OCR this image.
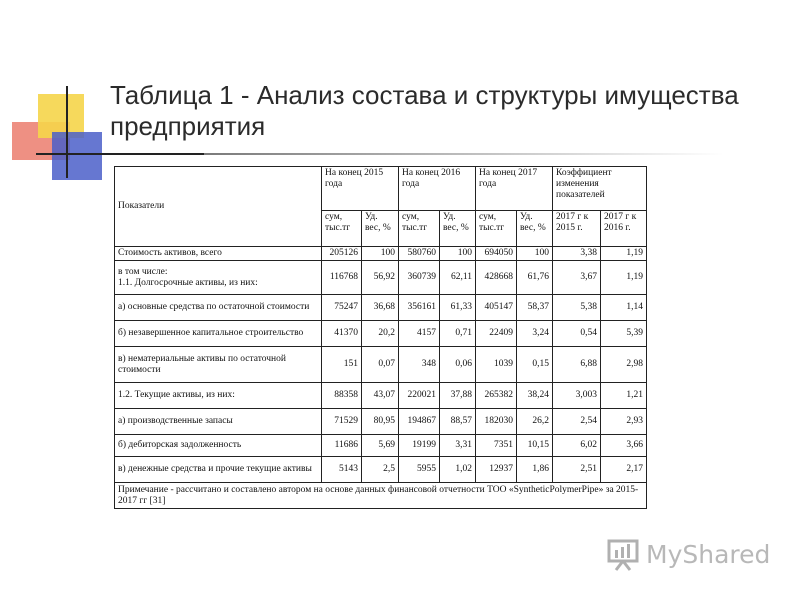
Таблица 1 - Анализ состава и структуры имущества предприятия
Показатели	На конец 2015 года		На конец 2016 года		На конец 2017 года		Коэффициент изменения показателей	
	сум, тыс.тг	Уд. вес, %	сум, тыс.тг	Уд. вес, %	сум, тыс.тг	Уд. вес, %	2017 г к 2015 г.	2017 г к 2016 г.
Стоимость активов, всего	205126	100	580760	100	694050	100	3,38	1,19
в том числе:
1.1. Долгосрочные активы, из них:	116768	56,92	360739	62,11	428668	61,76	3,67	1,19
а) основные средства по остаточной стоимости	75247	36,68	356161	61,33	405147	58,37	5,38	1,14
б) незавершенное капитальное строительство	41370	20,2	4157	0,71	22409	3,24	0,54	5,39
в) нематериальные активы по остаточной стоимости	151	0,07	348	0,06	1039	0,15	6,88	2,98
1.2. Текущие активы, из них:	88358	43,07	220021	37,88	265382	38,24	3,003	1,21
а) производственные запасы	71529	80,95	194867	88,57	182030	26,2	2,54	2,93
б) дебиторская задолженность	11686	5,69	19199	3,31	7351	10,15	6,02	3,66
в) денежные средства и прочие текущие активы	5143	2,5	5955	1,02	12937	1,86	2,51	2,17
Примечание - рассчитано и составлено автором на основе данных финансовой отчетности ТОО «SyntheticPolymerPipe» за 2015-2017 гг [31]								
MyShared
